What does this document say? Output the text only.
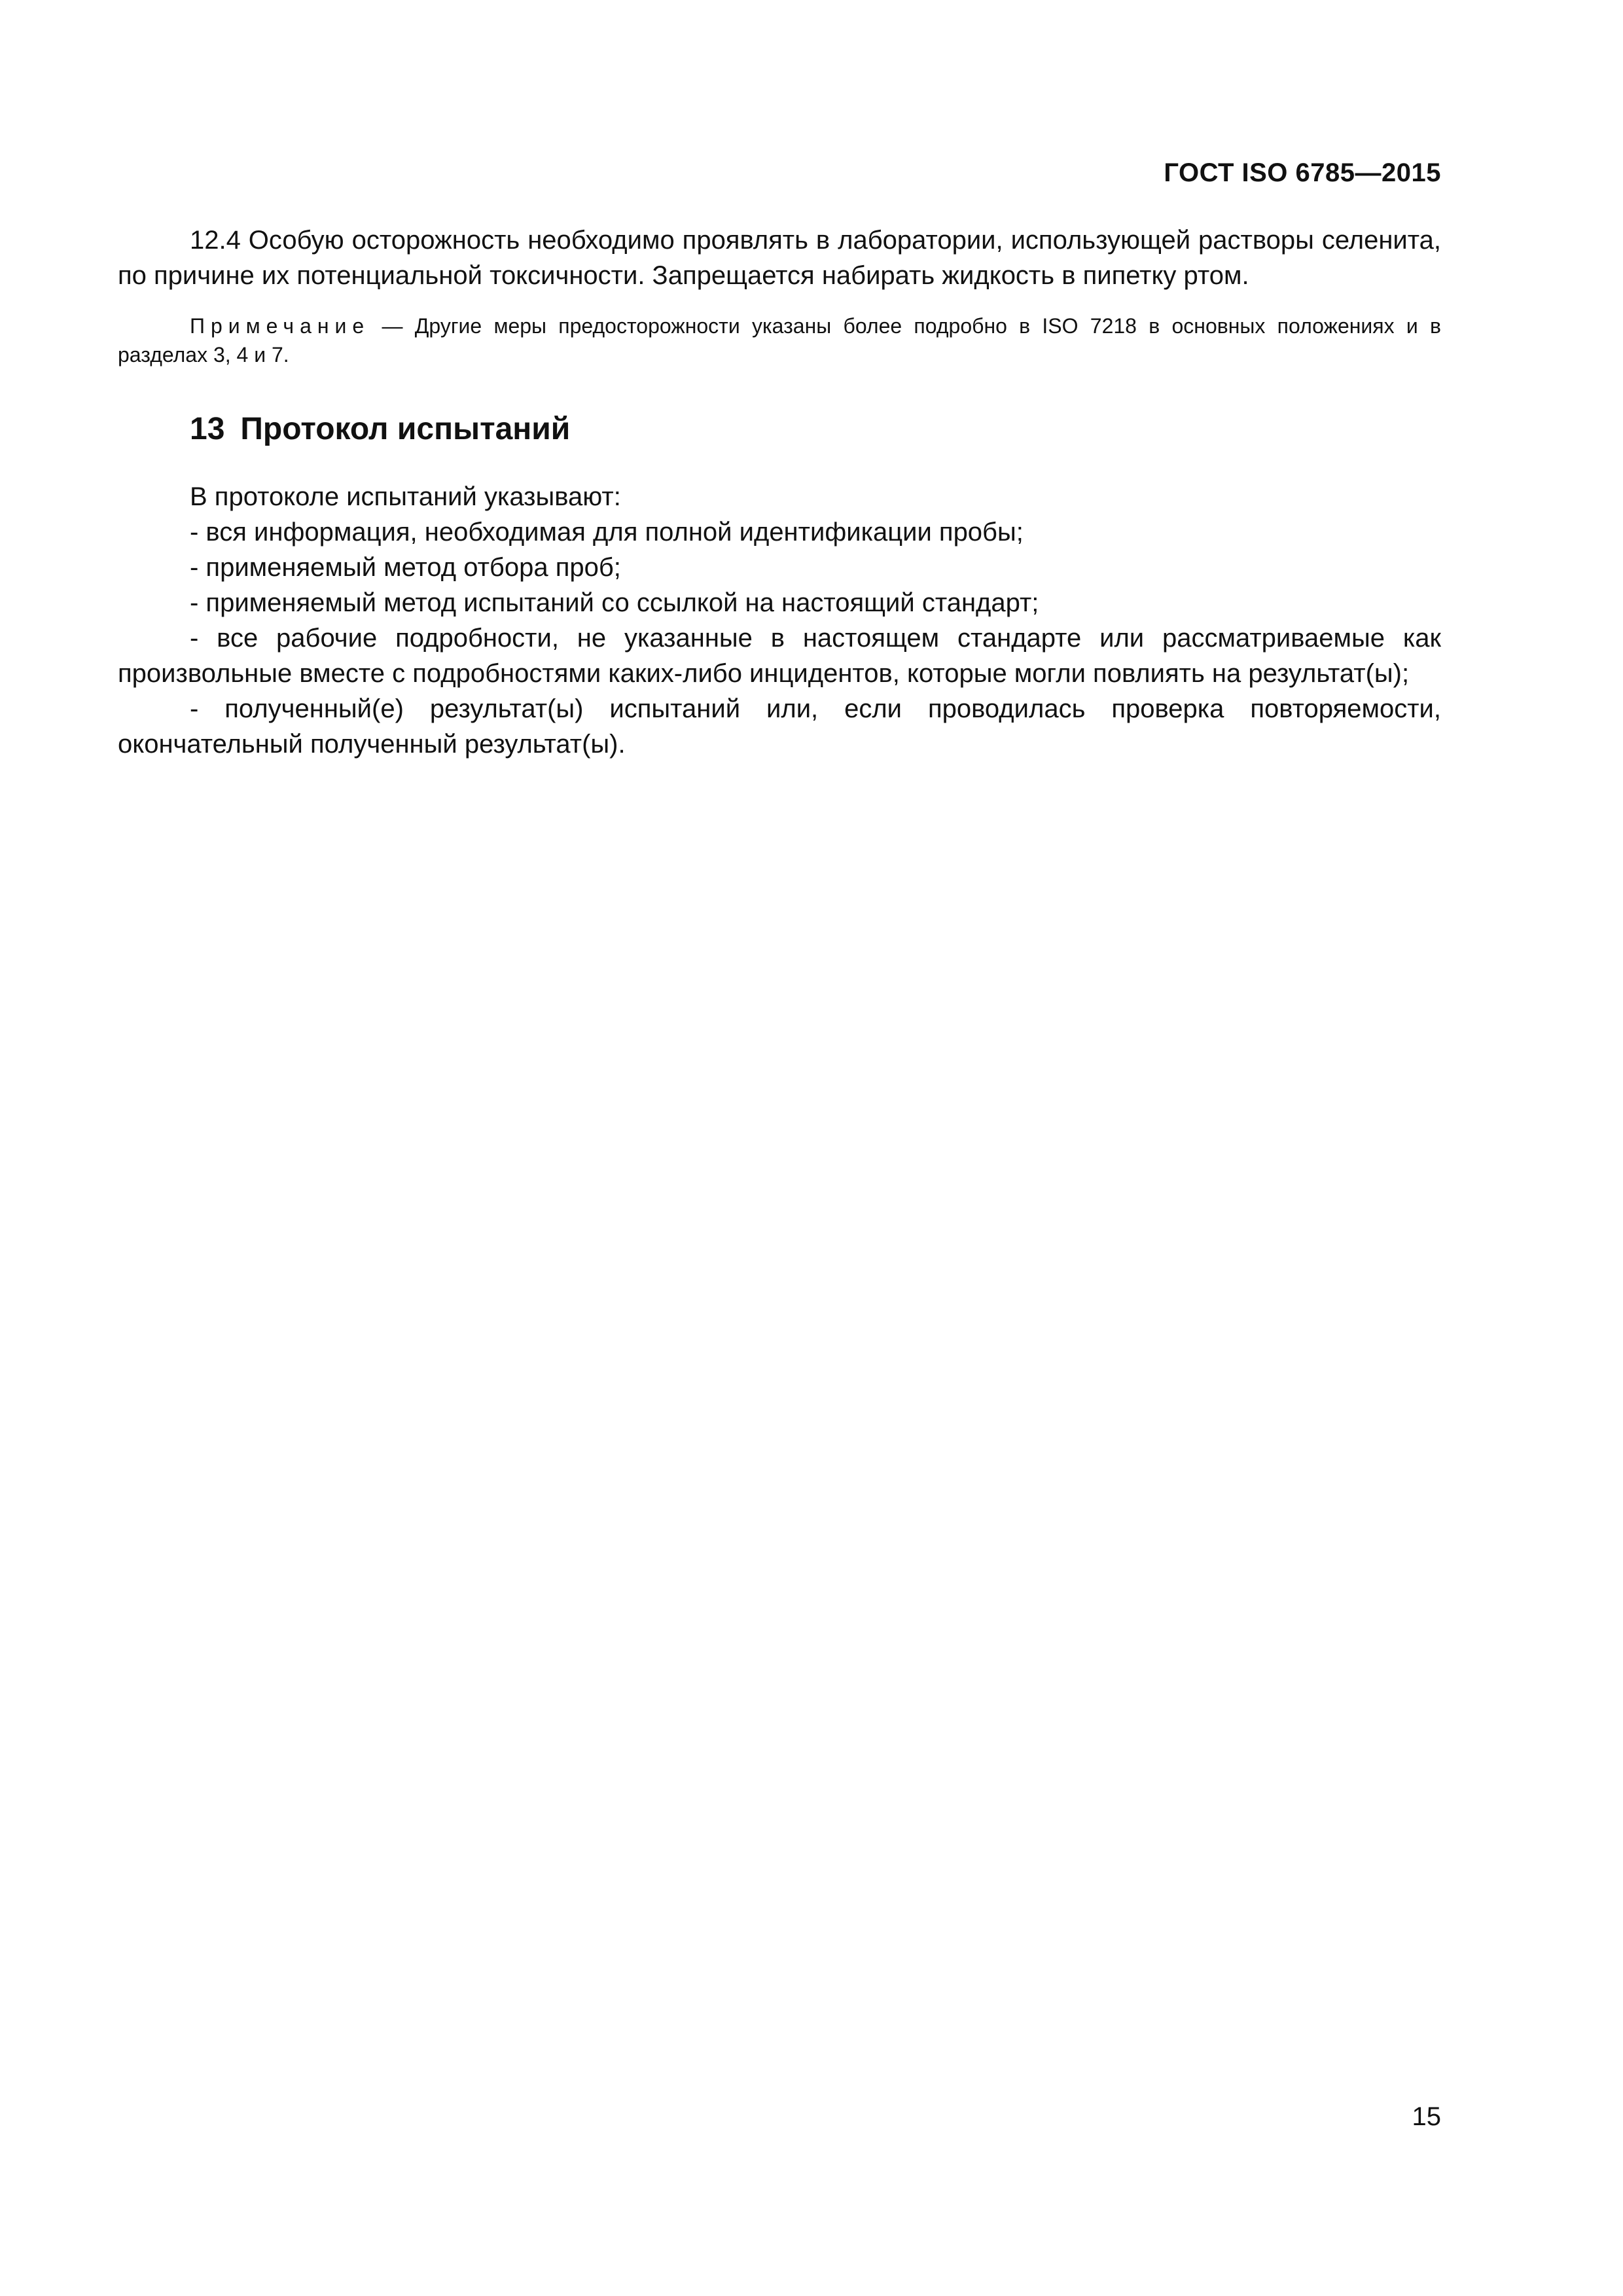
ГОСТ ISO 6785—2015

12.4 Особую осторожность необходимо проявлять в лаборатории, использующей растворы селенита, по причине их потенциальной токсичности. Запрещается набирать жидкость в пипетку ртом.

Примечание — Другие меры предосторожности указаны более подробно в ISO 7218 в основных положениях и в разделах 3, 4 и 7.

13 Протокол испытаний

В протоколе испытаний указывают:

- вся информация, необходимая для полной идентификации пробы;
- применяемый метод отбора проб;
- применяемый метод испытаний со ссылкой на настоящий стандарт;
- все рабочие подробности, не указанные в настоящем стандарте или рассматриваемые как произвольные вместе с подробностями каких-либо инцидентов, которые могли повлиять на результат(ы);
- полученный(е) результат(ы) испытаний или, если проводилась проверка повторяемости, окончательный полученный результат(ы).
15
